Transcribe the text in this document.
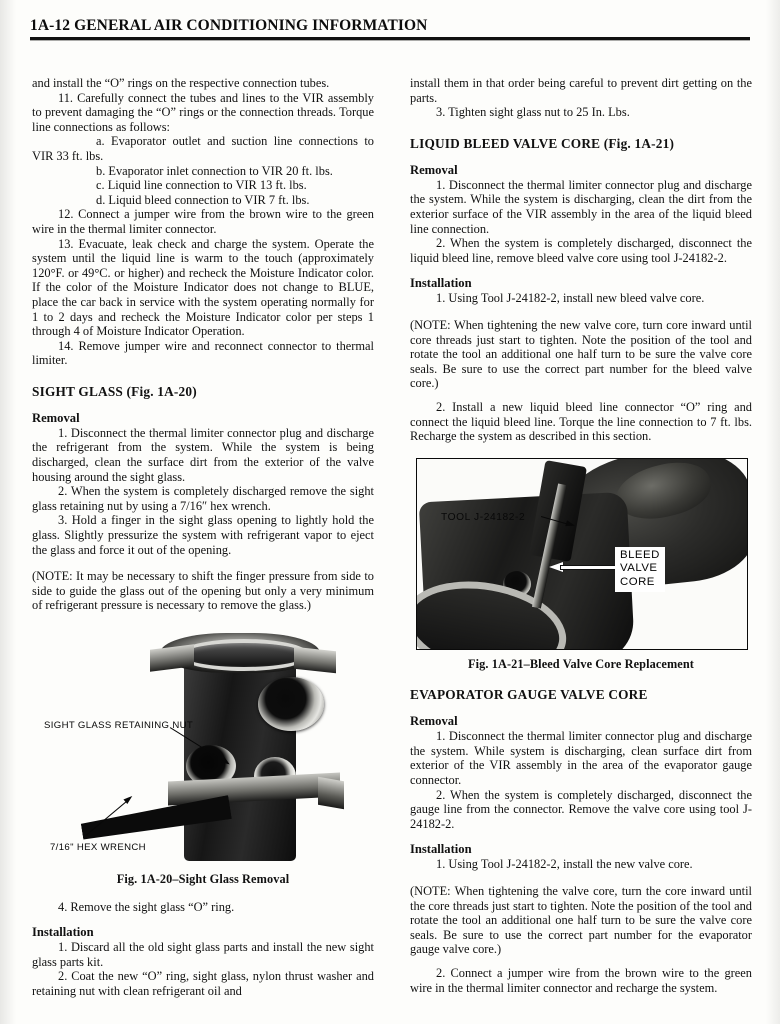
1A-12 GENERAL AIR CONDITIONING INFORMATION

and install the “O” rings on the respective connection tubes.

11. Carefully connect the tubes and lines to the VIR assembly to prevent damaging the “O” rings or the connection threads. Torque line connections as follows:

a. Evaporator outlet and suction line connections to VIR 33 ft. lbs.

b. Evaporator inlet connection to VIR 20 ft. lbs.

c. Liquid line connection to VIR 13 ft. lbs.

d. Liquid bleed connection to VIR 7 ft. lbs.

12. Connect a jumper wire from the brown wire to the green wire in the thermal limiter connector.

13. Evacuate, leak check and charge the system. Operate the system until the liquid line is warm to the touch (approximately 120°F. or 49°C. or higher) and recheck the Moisture Indicator color. If the color of the Moisture Indicator does not change to BLUE, place the car back in service with the system operating normally for 1 to 2 days and recheck the Moisture Indicator color per steps 1 through 4 of Moisture Indicator Operation.

14. Remove jumper wire and reconnect connector to thermal limiter.

SIGHT GLASS (Fig. 1A-20)
Removal

1. Disconnect the thermal limiter connector plug and discharge the refrigerant from the system. While the system is being discharged, clean the surface dirt from the exterior of the valve housing around the sight glass.

2. When the system is completely discharged remove the sight glass retaining nut by using a 7/16″ hex wrench.

3. Hold a finger in the sight glass opening to lightly hold the glass. Slightly pressurize the system with refrigerant vapor to eject the glass and force it out of the opening.

(NOTE: It may be necessary to shift the finger pressure from side to side to guide the glass out of the opening but only a very minimum of refrigerant pressure is necessary to remove the glass.)

SIGHT GLASS RETAINING NUT
7/16" HEX WRENCH
Fig. 1A-20–Sight Glass Removal

4. Remove the sight glass “O” ring.

Installation

1. Discard all the old sight glass parts and install the new sight glass parts kit.

2. Coat the new “O” ring, sight glass, nylon thrust washer and retaining nut with clean refrigerant oil and

install them in that order being careful to prevent dirt getting on the parts.

3. Tighten sight glass nut to 25 In. Lbs.

LIQUID BLEED VALVE CORE (Fig. 1A-21)
Removal

1. Disconnect the thermal limiter connector plug and discharge the system. While the system is discharging, clean the dirt from the exterior surface of the VIR assembly in the area of the liquid bleed line connection.

2. When the system is completely discharged, disconnect the liquid bleed line, remove bleed valve core using tool J-24182-2.

Installation

1. Using Tool J-24182-2, install new bleed valve core.

(NOTE: When tightening the new valve core, turn core inward until core threads just start to tighten. Note the position of the tool and rotate the tool an additional one half turn to be sure the valve core seals. Be sure to use the correct part number for the bleed valve core.)

2. Install a new liquid bleed line connector “O” ring and connect the liquid bleed line. Torque the line connection to 7 ft. lbs. Recharge the system as described in this section.

TOOL J-24182-2
BLEED
VALVE
CORE
Fig. 1A-21–Bleed Valve Core Replacement
EVAPORATOR GAUGE VALVE CORE
Removal

1. Disconnect the thermal limiter connector plug and discharge the system. While system is discharging, clean surface dirt from exterior of the VIR assembly in the area of the evaporator gauge connector.

2. When the system is completely discharged, disconnect the gauge line from the connector. Remove the valve core using tool J-24182-2.

Installation

1. Using Tool J-24182-2, install the new valve core.

(NOTE: When tightening the valve core, turn the core inward until the core threads just start to tighten. Note the position of the tool and rotate the tool an additional one half turn to be sure the valve core seals. Be sure to use the correct part number for the evaporator gauge valve core.)

2. Connect a jumper wire from the brown wire to the green wire in the thermal limiter connector and recharge the system.
